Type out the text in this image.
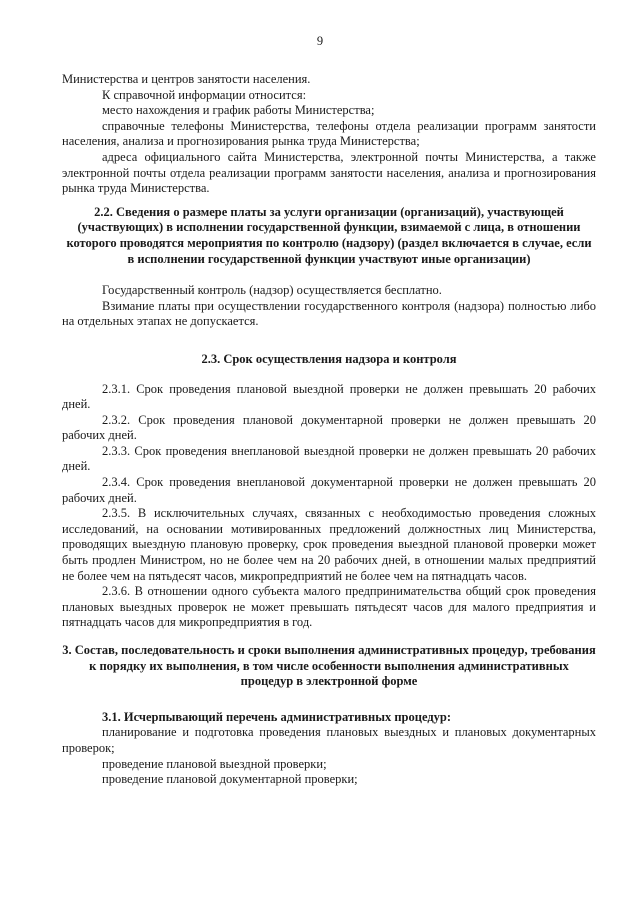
9

Министерства и центров занятости населения.

К справочной информации относится:

место нахождения и график работы Министерства;

справочные телефоны Министерства, телефоны отдела реализации программ занятости населения, анализа и прогнозирования рынка труда Министерства;

адреса официального сайта Министерства, электронной почты Министерства, а также электронной почты отдела реализации программ занятости населения, анализа и прогнозирования рынка труда Министерства.

2.2. Сведения о размере платы за услуги организации (организаций), участвующей (участвующих) в исполнении государственной функции, взимаемой с лица, в отношении которого проводятся мероприятия по контролю (надзору) (раздел включается в случае, если в исполнении государственной функции участвуют иные организации)

Государственный контроль (надзор) осуществляется бесплатно.

Взимание платы при осуществлении государственного контроля (надзора) полностью либо на отдельных этапах не допускается.

2.3. Срок осуществления надзора и контроля

2.3.1. Срок проведения плановой выездной проверки не должен превышать 20 рабочих дней.

2.3.2. Срок проведения плановой документарной проверки не должен превышать 20 рабочих дней.

2.3.3. Срок проведения внеплановой выездной проверки не должен превышать 20 рабочих дней.

2.3.4. Срок проведения внеплановой документарной проверки не должен превышать 20 рабочих дней.

2.3.5. В исключительных случаях, связанных с необходимостью проведения сложных исследований, на основании мотивированных предложений должностных лиц Министерства, проводящих выездную плановую проверку, срок проведения выездной плановой проверки может быть продлен Министром, но не более чем на 20 рабочих дней, в отношении малых предприятий не более чем на пятьдесят часов, микропредприятий не более чем на пятнадцать часов.

2.3.6. В отношении одного субъекта малого предпринимательства общий срок проведения плановых выездных проверок не может превышать пятьдесят часов для малого предприятия и пятнадцать часов для микропредприятия в год.

3. Состав, последовательность и сроки выполнения административных процедур, требования к порядку их выполнения, в том числе особенности выполнения административных процедур в электронной форме
3.1. Исчерпывающий перечень административных процедур:

планирование и подготовка проведения плановых выездных и плановых документарных проверок;

проведение плановой выездной проверки;

проведение плановой документарной проверки;
